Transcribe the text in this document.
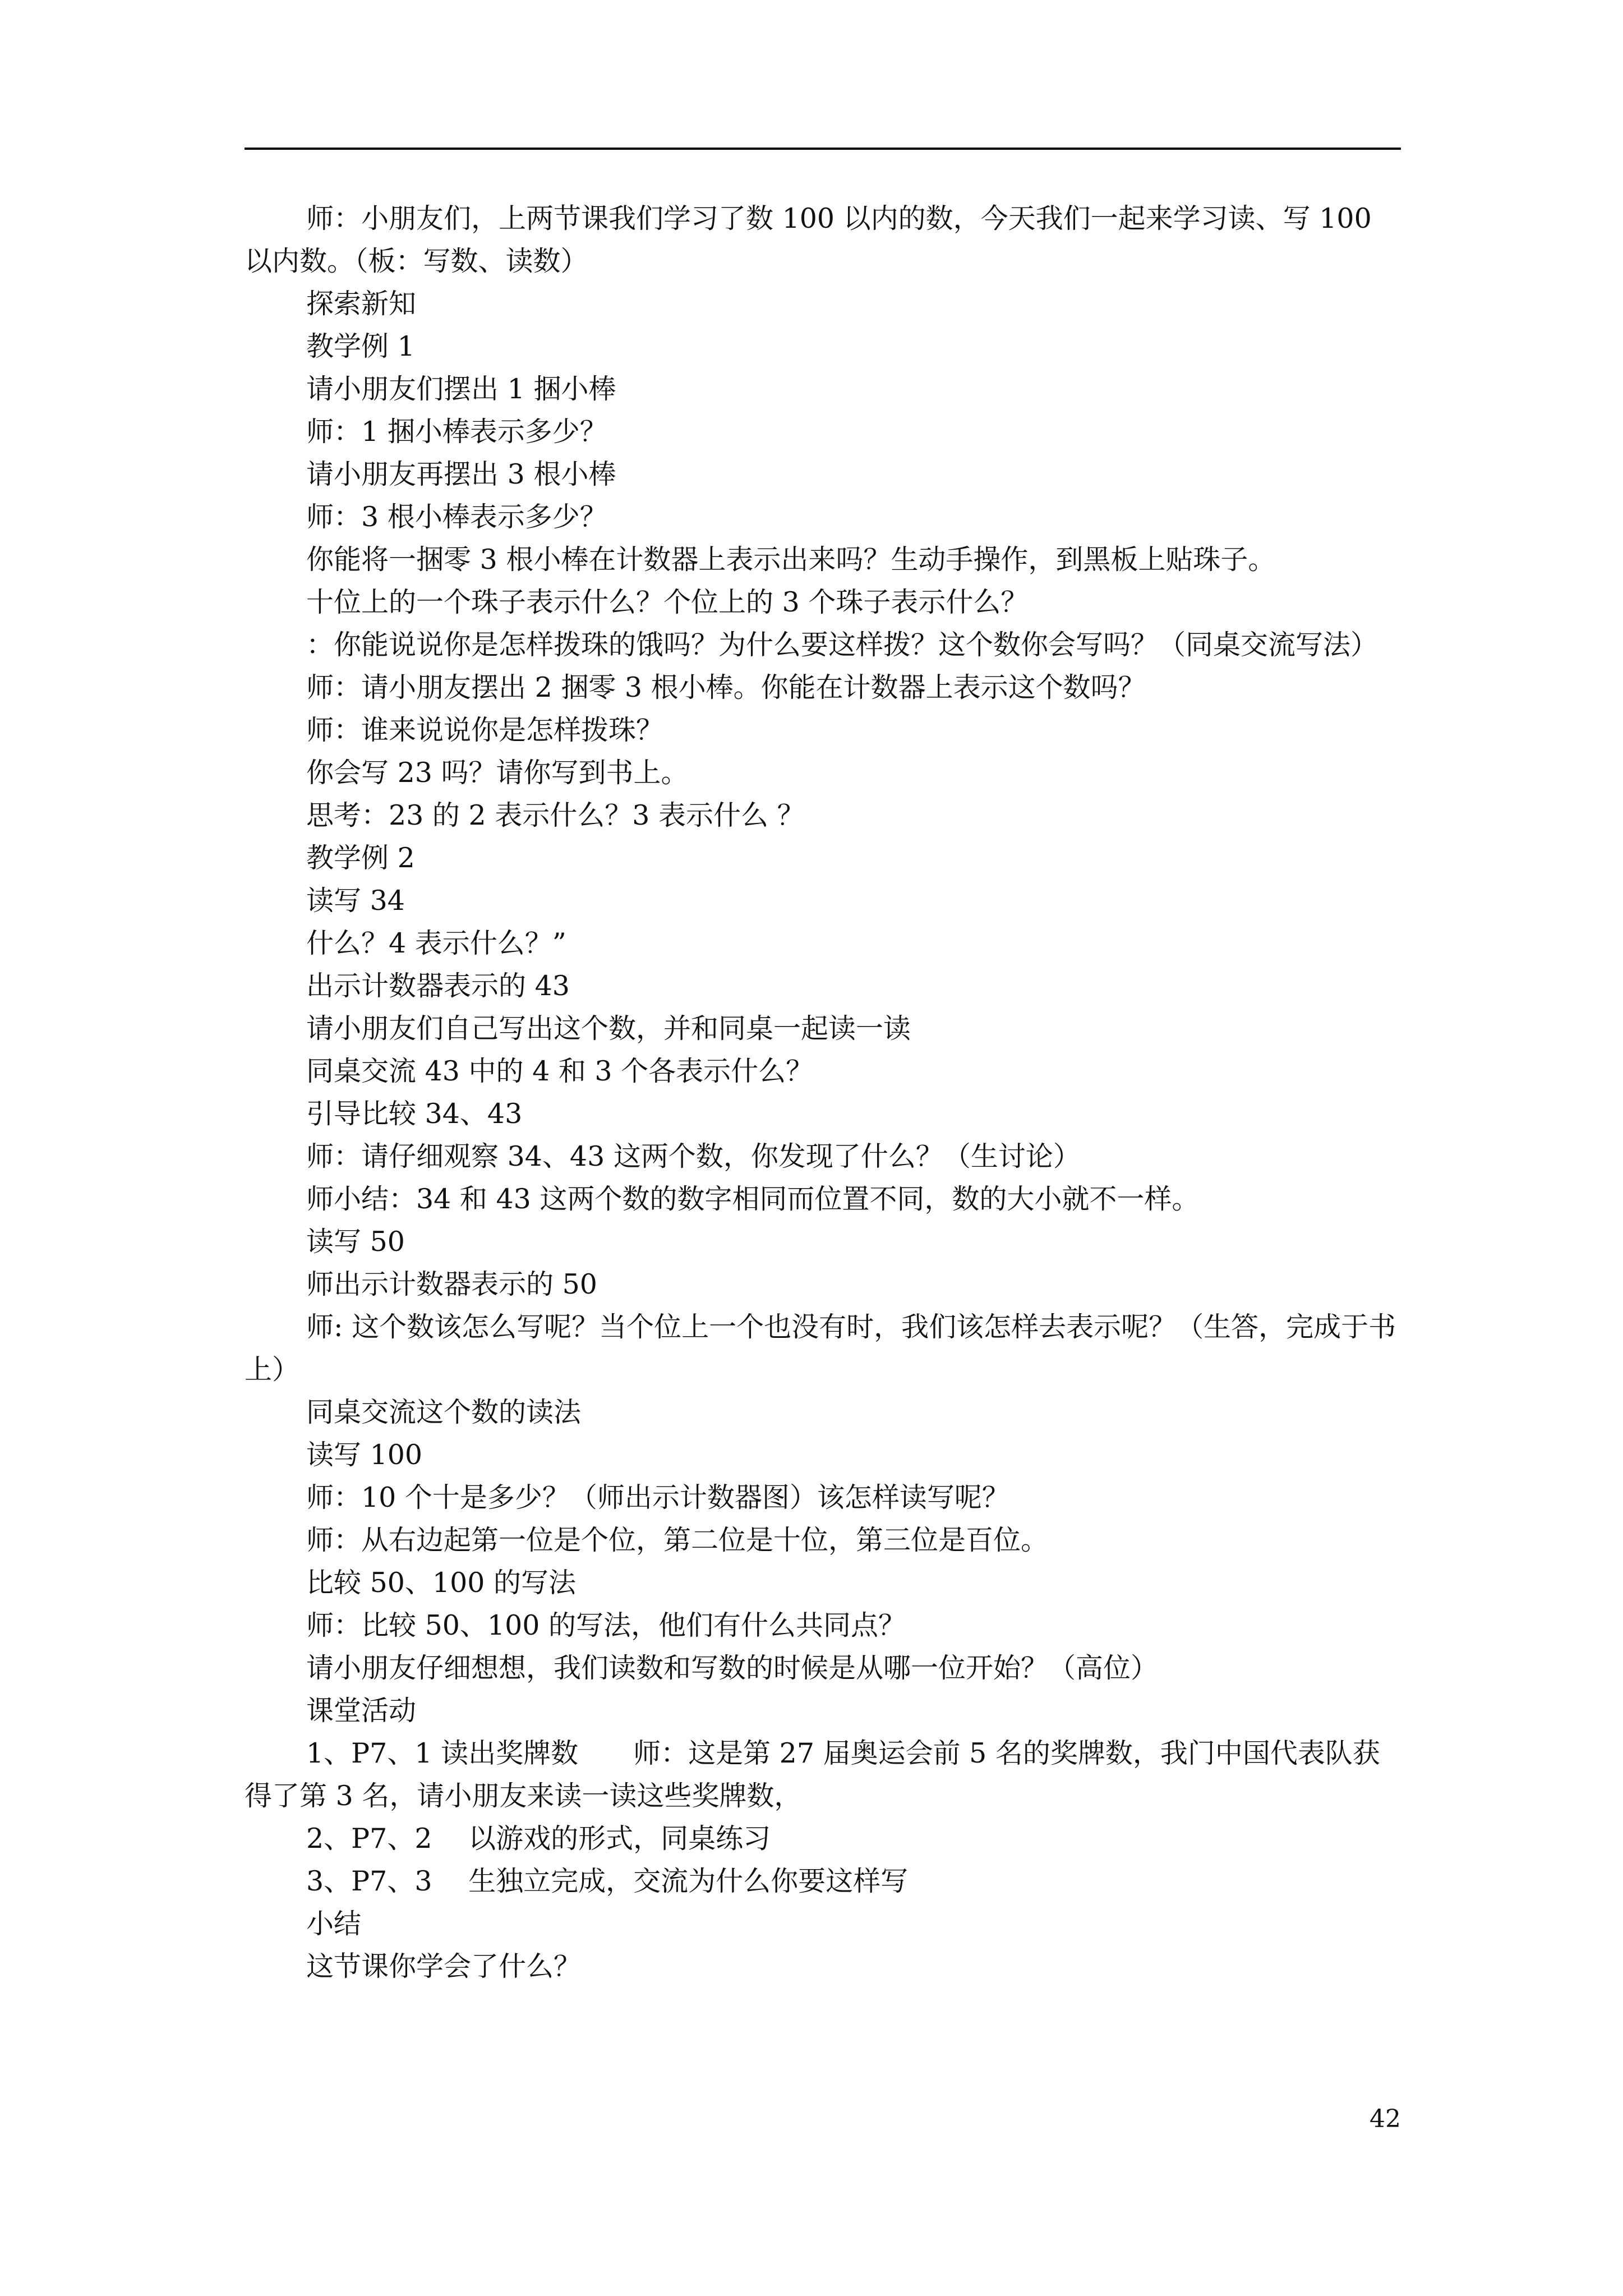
师：小朋友们，上两节课我们学习了数 100 以内的数，今天我们一起来学习读、写 100 以内数。（板：写数、读数）

探索新知

教学例 1

请小朋友们摆出 1 捆小棒

师：1 捆小棒表示多少？

请小朋友再摆出 3 根小棒

师：3 根小棒表示多少？

你能将一捆零 3 根小棒在计数器上表示出来吗？生动手操作，到黑板上贴珠子。

十位上的一个珠子表示什么？个位上的 3 个珠子表示什么？

：你能说说你是怎样拨珠的饿吗？为什么要这样拨？这个数你会写吗？（同桌交流写法）

师：请小朋友摆出 2 捆零 3 根小棒。你能在计数器上表示这个数吗？

师：谁来说说你是怎样拨珠？

你会写 23 吗？请你写到书上。

思考：23 的 2 表示什么？3 表示什么 ？

教学例 2

读写 34

什么？4 表示什么？”

出示计数器表示的 43

请小朋友们自己写出这个数，并和同桌一起读一读

同桌交流 43 中的 4 和 3 个各表示什么？

引导比较 34、43

师：请仔细观察 34、43 这两个数，你发现了什么？（生讨论）

师小结：34 和 43 这两个数的数字相同而位置不同，数的大小就不一样。

读写 50

师出示计数器表示的 50

师: 这个数该怎么写呢？当个位上一个也没有时，我们该怎样去表示呢？（生答，完成于书上）

同桌交流这个数的读法

读写 100

师：10 个十是多少？（师出示计数器图）该怎样读写呢？

师：从右边起第一位是个位，第二位是十位，第三位是百位。

比较 50、100 的写法

师：比较 50、100 的写法，他们有什么共同点？

请小朋友仔细想想，我们读数和写数的时候是从哪一位开始？（高位）

课堂活动

1、P7、1 读出奖牌数　　师：这是第 27 届奥运会前 5 名的奖牌数，我门中国代表队获得了第 3 名，请小朋友来读一读这些奖牌数，

2、P7、2　 以游戏的形式，同桌练习

3、P7、3　 生独立完成，交流为什么你要这样写

小结

这节课你学会了什么？

42
